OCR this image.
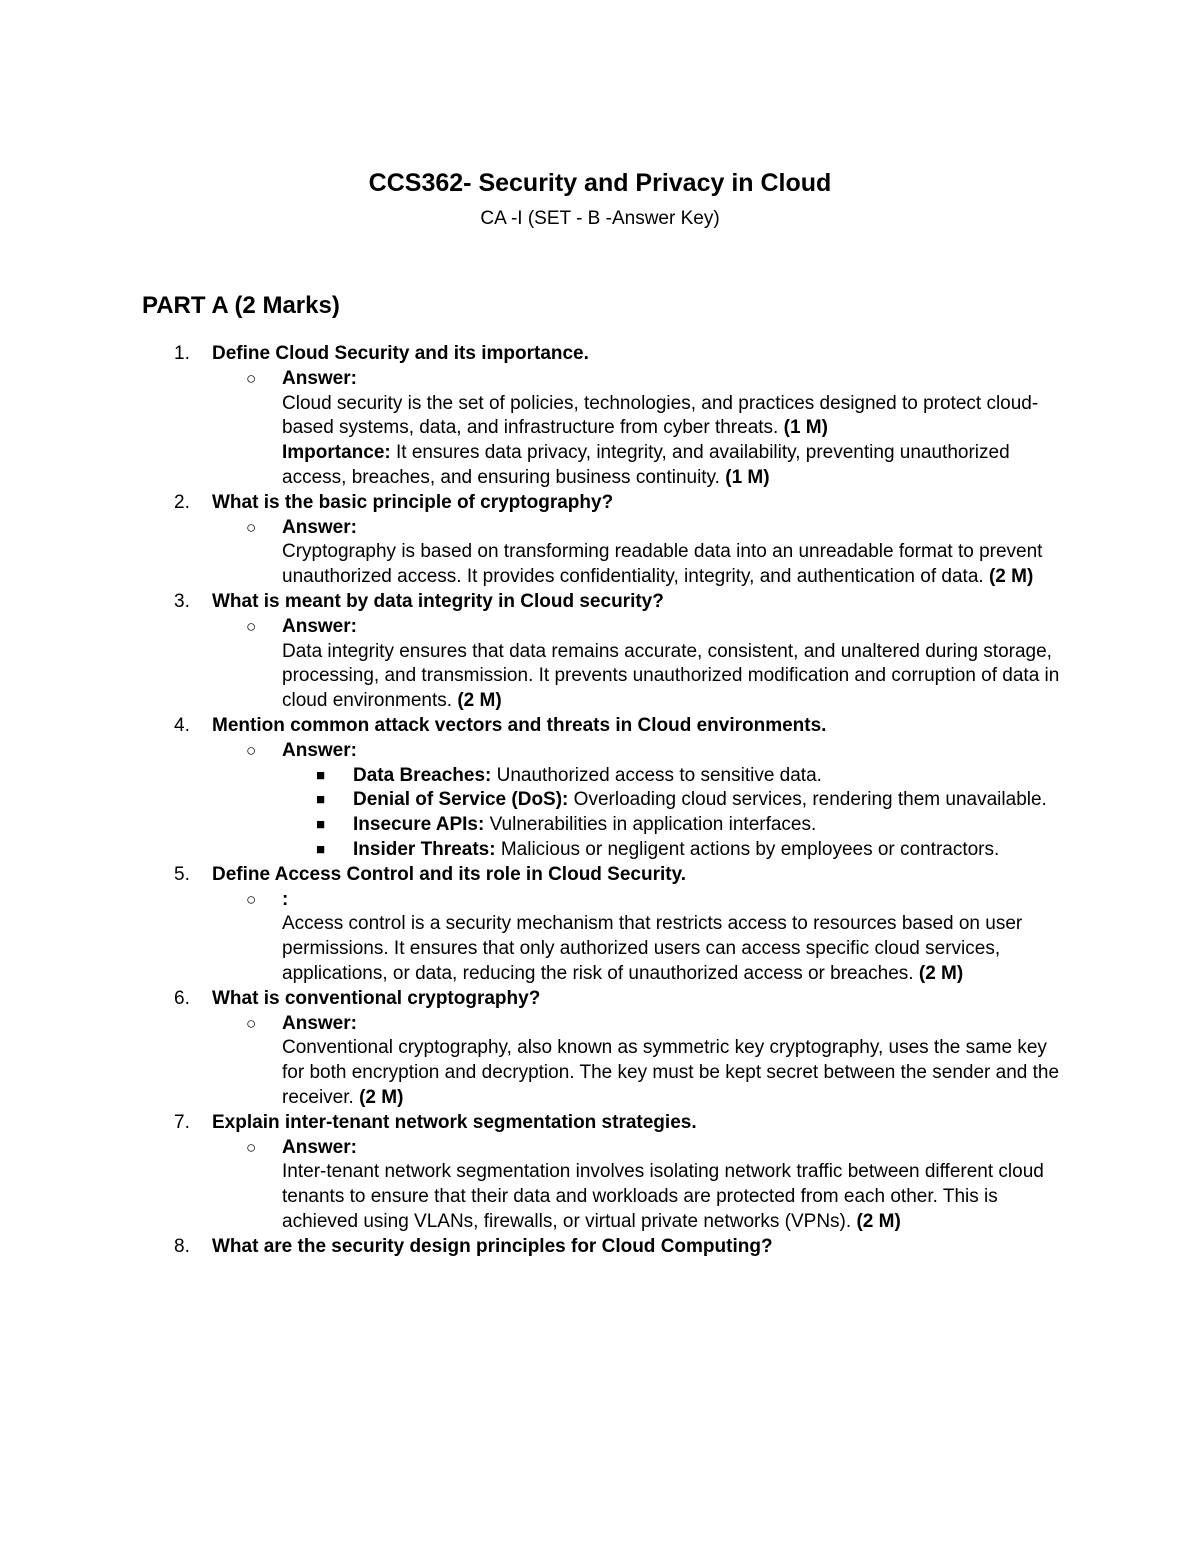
CCS362- Security and Privacy in Cloud
CA -I (SET - B -Answer Key)
PART A (2 Marks)
1.	Define Cloud Security and its importance.
○ Answer:
Cloud security is the set of policies, technologies, and practices designed to protect cloud-based systems, data, and infrastructure from cyber threats. (1 M)
Importance: It ensures data privacy, integrity, and availability, preventing unauthorized access, breaches, and ensuring business continuity. (1 M)
2.	What is the basic principle of cryptography?
○ Answer:
Cryptography is based on transforming readable data into an unreadable format to prevent unauthorized access. It provides confidentiality, integrity, and authentication of data. (2 M)
3.	What is meant by data integrity in Cloud security?
○ Answer:
Data integrity ensures that data remains accurate, consistent, and unaltered during storage, processing, and transmission. It prevents unauthorized modification and corruption of data in cloud environments. (2 M)
4.	Mention common attack vectors and threats in Cloud environments.
○ Answer:
■ Data Breaches: Unauthorized access to sensitive data.
■ Denial of Service (DoS): Overloading cloud services, rendering them unavailable.
■ Insecure APIs: Vulnerabilities in application interfaces.
■ Insider Threats: Malicious or negligent actions by employees or contractors.
5.	Define Access Control and its role in Cloud Security.
○ :
Access control is a security mechanism that restricts access to resources based on user permissions. It ensures that only authorized users can access specific cloud services, applications, or data, reducing the risk of unauthorized access or breaches. (2 M)
6.	What is conventional cryptography?
○ Answer:
Conventional cryptography, also known as symmetric key cryptography, uses the same key for both encryption and decryption. The key must be kept secret between the sender and the receiver. (2 M)
7.	Explain inter-tenant network segmentation strategies.
○ Answer:
Inter-tenant network segmentation involves isolating network traffic between different cloud tenants to ensure that their data and workloads are protected from each other. This is achieved using VLANs, firewalls, or virtual private networks (VPNs). (2 M)
8.	What are the security design principles for Cloud Computing?
